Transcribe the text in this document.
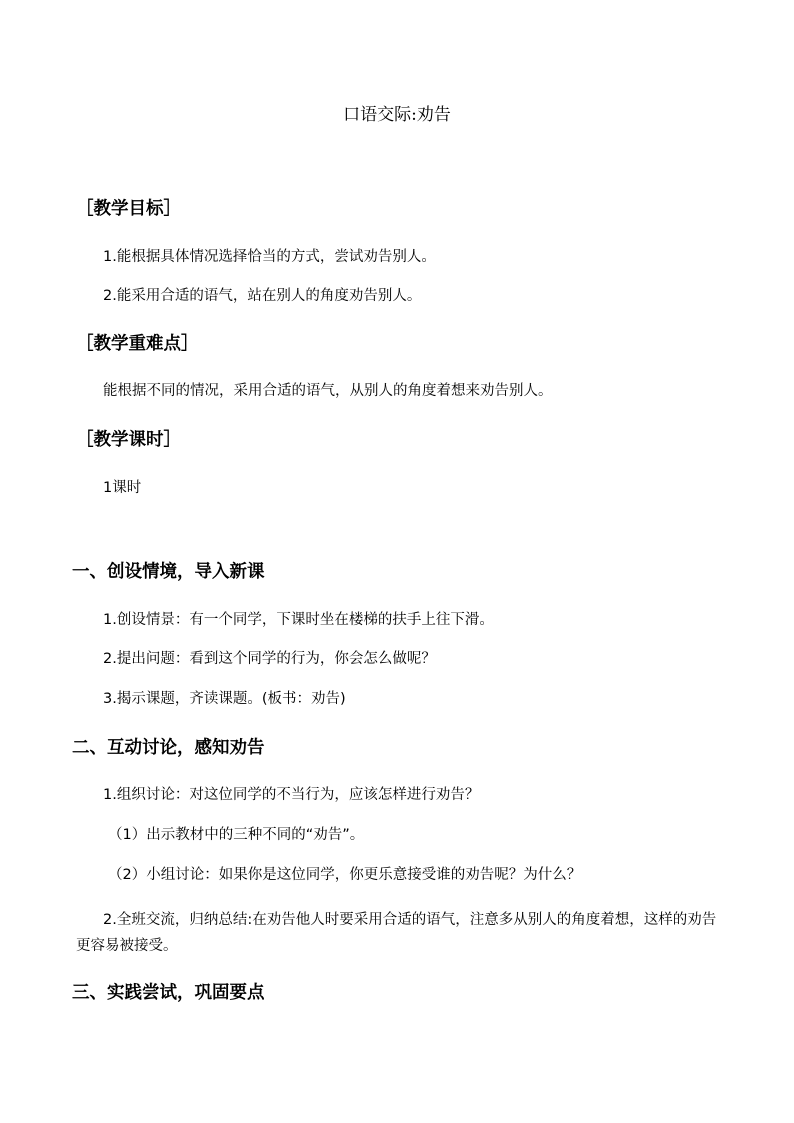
口语交际:劝告
［教学目标］
1.能根据具体情况选择恰当的方式，尝试劝告别人。
2.能采用合适的语气，站在别人的角度劝告别人。
［教学重难点］
能根据不同的情况，采用合适的语气，从别人的角度着想来劝告别人。
［教学课时］
1课时
一、创设情境，导入新课
1.创设情景：有一个同学，下课时坐在楼梯的扶手上往下滑。
2.提出问题：看到这个同学的行为，你会怎么做呢？
3.揭示课题，齐读课题。(板书：劝告)
二、互动讨论，感知劝告
1.组织讨论：对这位同学的不当行为，应该怎样进行劝告？
（1）出示教材中的三种不同的“劝告”。
（2）小组讨论：如果你是这位同学，你更乐意接受谁的劝告呢？为什么？
2.全班交流，归纳总结:在劝告他人时要采用合适的语气，注意多从别人的角度着想，这样的劝告更容易被接受。
三、实践尝试，巩固要点
